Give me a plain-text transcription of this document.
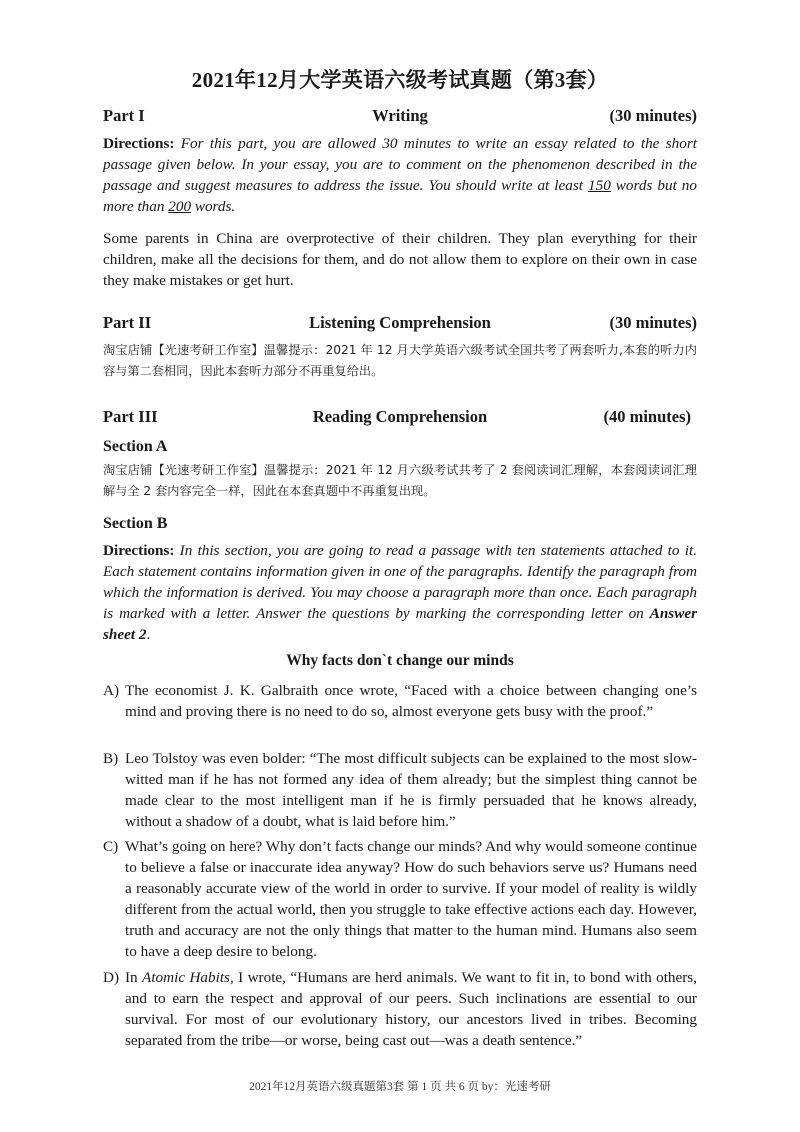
2021年12月大学英语六级考试真题（第3套）
Part I	Writing	(30 minutes)
Directions: For this part, you are allowed 30 minutes to write an essay related to the short passage given below. In your essay, you are to comment on the phenomenon described in the passage and suggest measures to address the issue. You should write at least 150 words but no more than 200 words.
Some parents in China are overprotective of their children. They plan everything for their children, make all the decisions for them, and do not allow them to explore on their own in case they make mistakes or get hurt.
Part II	Listening Comprehension	(30 minutes)
淘宝店铺【光速考研工作室】温馨提示：2021 年 12 月大学英语六级考试全国共考了两套听力,本套的听力内容与第二套相同，因此本套听力部分不再重复给出。
Part III	Reading Comprehension	(40 minutes)
Section A
淘宝店铺【光速考研工作室】温馨提示：2021 年 12 月六级考试共考了 2 套阅读词汇理解，本套阅读词汇理解与全 2 套内容完全一样，因此在本套真题中不再重复出现。
Section B
Directions: In this section, you are going to read a passage with ten statements attached to it. Each statement contains information given in one of the paragraphs. Identify the paragraph from which the information is derived. You may choose a paragraph more than once. Each paragraph is marked with a letter. Answer the questions by marking the corresponding letter on Answer sheet 2.
Why facts don`t change our minds
A) The economist J. K. Galbraith once wrote, “Faced with a choice between changing one’s mind and proving there is no need to do so, almost everyone gets busy with the proof.”
B) Leo Tolstoy was even bolder: “The most difficult subjects can be explained to the most slow-witted man if he has not formed any idea of them already; but the simplest thing cannot be made clear to the most intelligent man if he is firmly persuaded that he knows already, without a shadow of a doubt, what is laid before him.”
C) What’s going on here? Why don’t facts change our minds? And why would someone continue to believe a false or inaccurate idea anyway? How do such behaviors serve us? Humans need a reasonably accurate view of the world in order to survive. If your model of reality is wildly different from the actual world, then you struggle to take effective actions each day. However, truth and accuracy are not the only things that matter to the human mind. Humans also seem to have a deep desire to belong.
D) In Atomic Habits, I wrote, “Humans are herd animals. We want to fit in, to bond with others, and to earn the respect and approval of our peers. Such inclinations are essential to our survival. For most of our evolutionary history, our ancestors lived in tribes. Becoming separated from the tribe—or worse, being cast out—was a death sentence.”
2021年12月英语六级真题第3套 第 1 页 共 6 页 by：光速考研
